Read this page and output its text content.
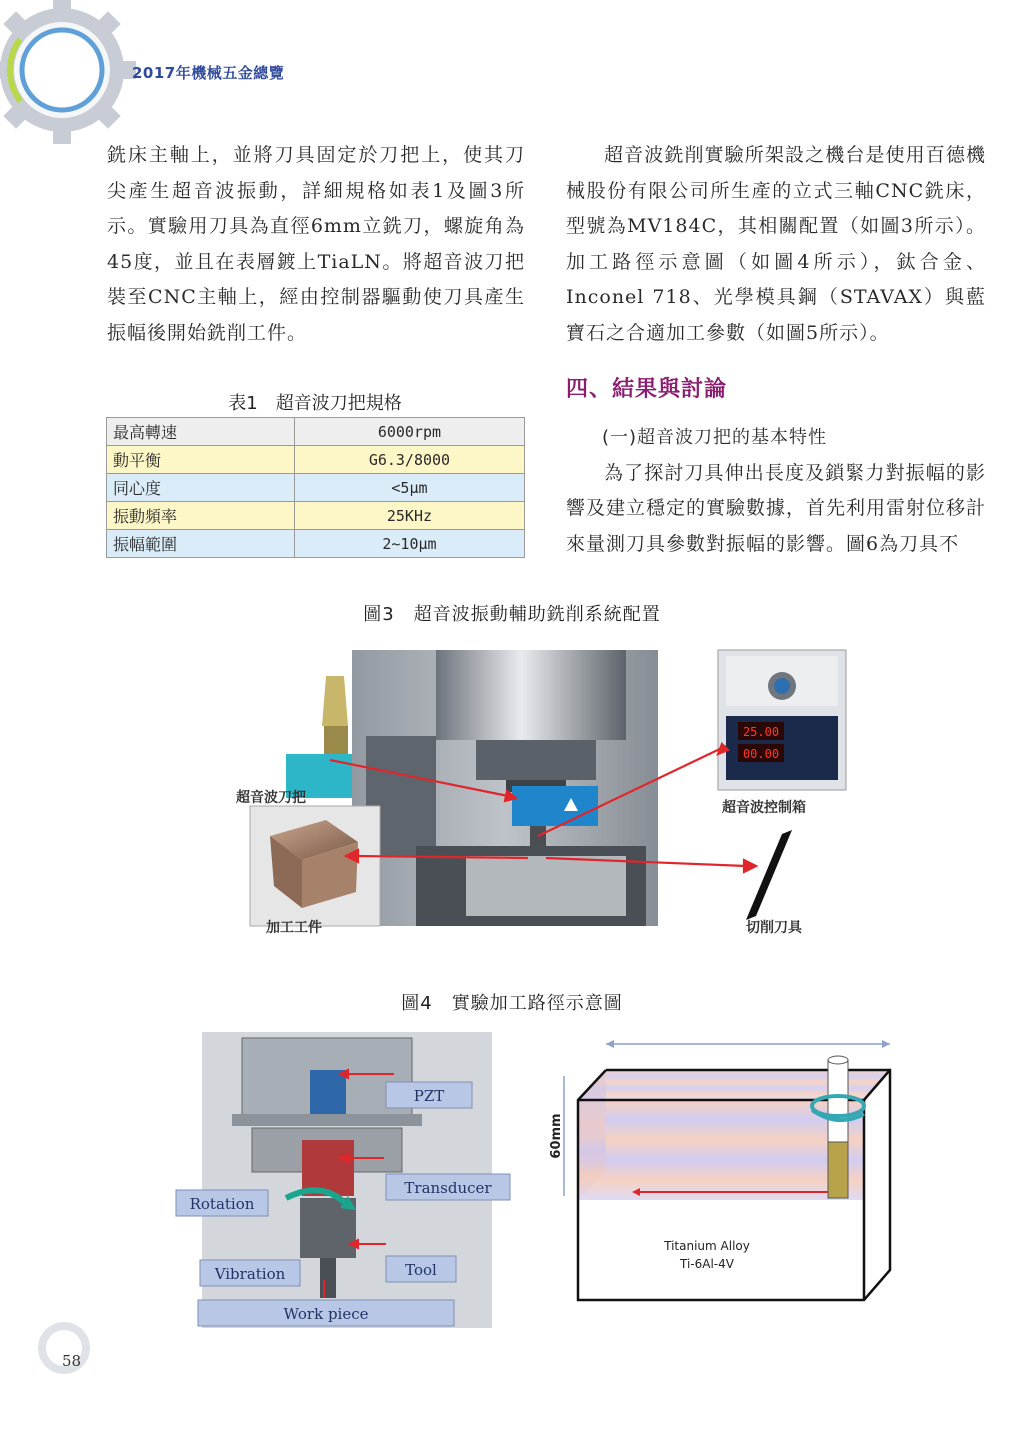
2017年機械五金總覽

銑床主軸上，並將刀具固定於刀把上，使其刀尖產生超音波振動，詳細規格如表1及圖3所示。實驗用刀具為直徑6mm立銑刀，螺旋角為45度，並且在表層鍍上TiaLN。將超音波刀把裝至CNC主軸上，經由控制器驅動使刀具產生振幅後開始銑削工件。

表1　超音波刀把規格
最高轉速	6000rpm
動平衡	G6.3/8000
同心度	<5μm
振動頻率	25KHz
振幅範圍	2~10μm

超音波銑削實驗所架設之機台是使用百德機械股份有限公司所生產的立式三軸CNC銑床，型號為MV184C，其相關配置（如圖3所示）。加工路徑示意圖（如圖4所示），鈦合金、Inconel 718、光學模具鋼（STAVAX）與藍寶石之合適加工參數（如圖5所示）。

四、結果與討論

(一)超音波刀把的基本特性

為了探討刀具伸出長度及鎖緊力對振幅的影響及建立穩定的實驗數據，首先利用雷射位移計來量測刀具參數對振幅的影響。圖6為刀具不

圖3　超音波振動輔助銑削系統配置
25.00
00.00
超音波刀把
超音波控制箱
加工工件	切削刀具
圖4　實驗加工路徑示意圖
PZT
Transducer
Rotation
Vibration	Tool
Work piece
60mm
Titanium Alloy
Ti-6Al-4V
58
